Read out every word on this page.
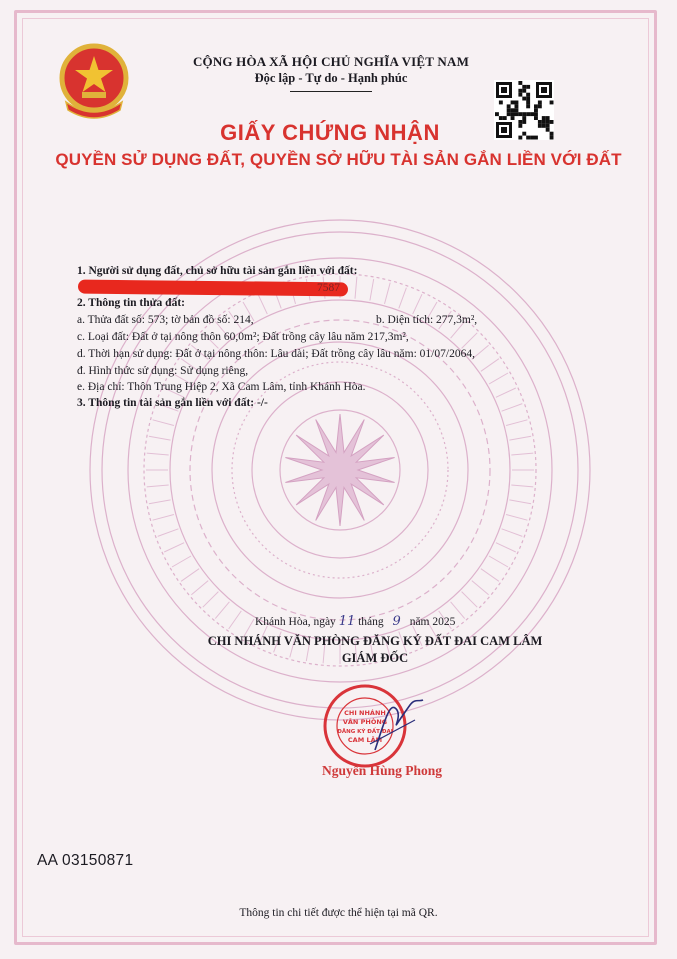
CỘNG HÒA XÃ HỘI CHỦ NGHĨA VIỆT NAM
Độc lập - Tự do - Hạnh phúc
GIẤY CHỨNG NHẬN
QUYỀN SỬ DỤNG ĐẤT, QUYỀN SỞ HỮU TÀI SẢN GẮN LIỀN VỚI ĐẤT
1. Người sử dụng đất, chủ sở hữu tài sản gắn liền với đất:
7587
2. Thông tin thửa đất:
a. Thửa đất số: 573; tờ bản đồ số: 214,	b. Diện tích: 277,3m²,
c. Loại đất: Đất ở tại nông thôn 60,0m²; Đất trồng cây lâu năm 217,3m²,
d. Thời hạn sử dụng: Đất ở tại nông thôn: Lâu dài; Đất trồng cây lâu năm: 01/07/2064,
đ. Hình thức sử dụng: Sử dụng riêng,
e. Địa chỉ: Thôn Trung Hiệp 2, Xã Cam Lâm, tỉnh Khánh Hòa.
3. Thông tin tài sản gắn liền với đất: -/-
Khánh Hòa, ngày 11 tháng 9 năm 2025
CHI NHÁNH VĂN PHÒNG ĐĂNG KÝ ĐẤT ĐAI CAM LÂM
GIÁM ĐỐC
CHI NHÁNH
VĂN PHÒNG
ĐĂNG KÝ ĐẤT ĐAI
CAM LÂM
Nguyễn Hùng Phong
AA 03150871
Thông tin chi tiết được thể hiện tại mã QR.
